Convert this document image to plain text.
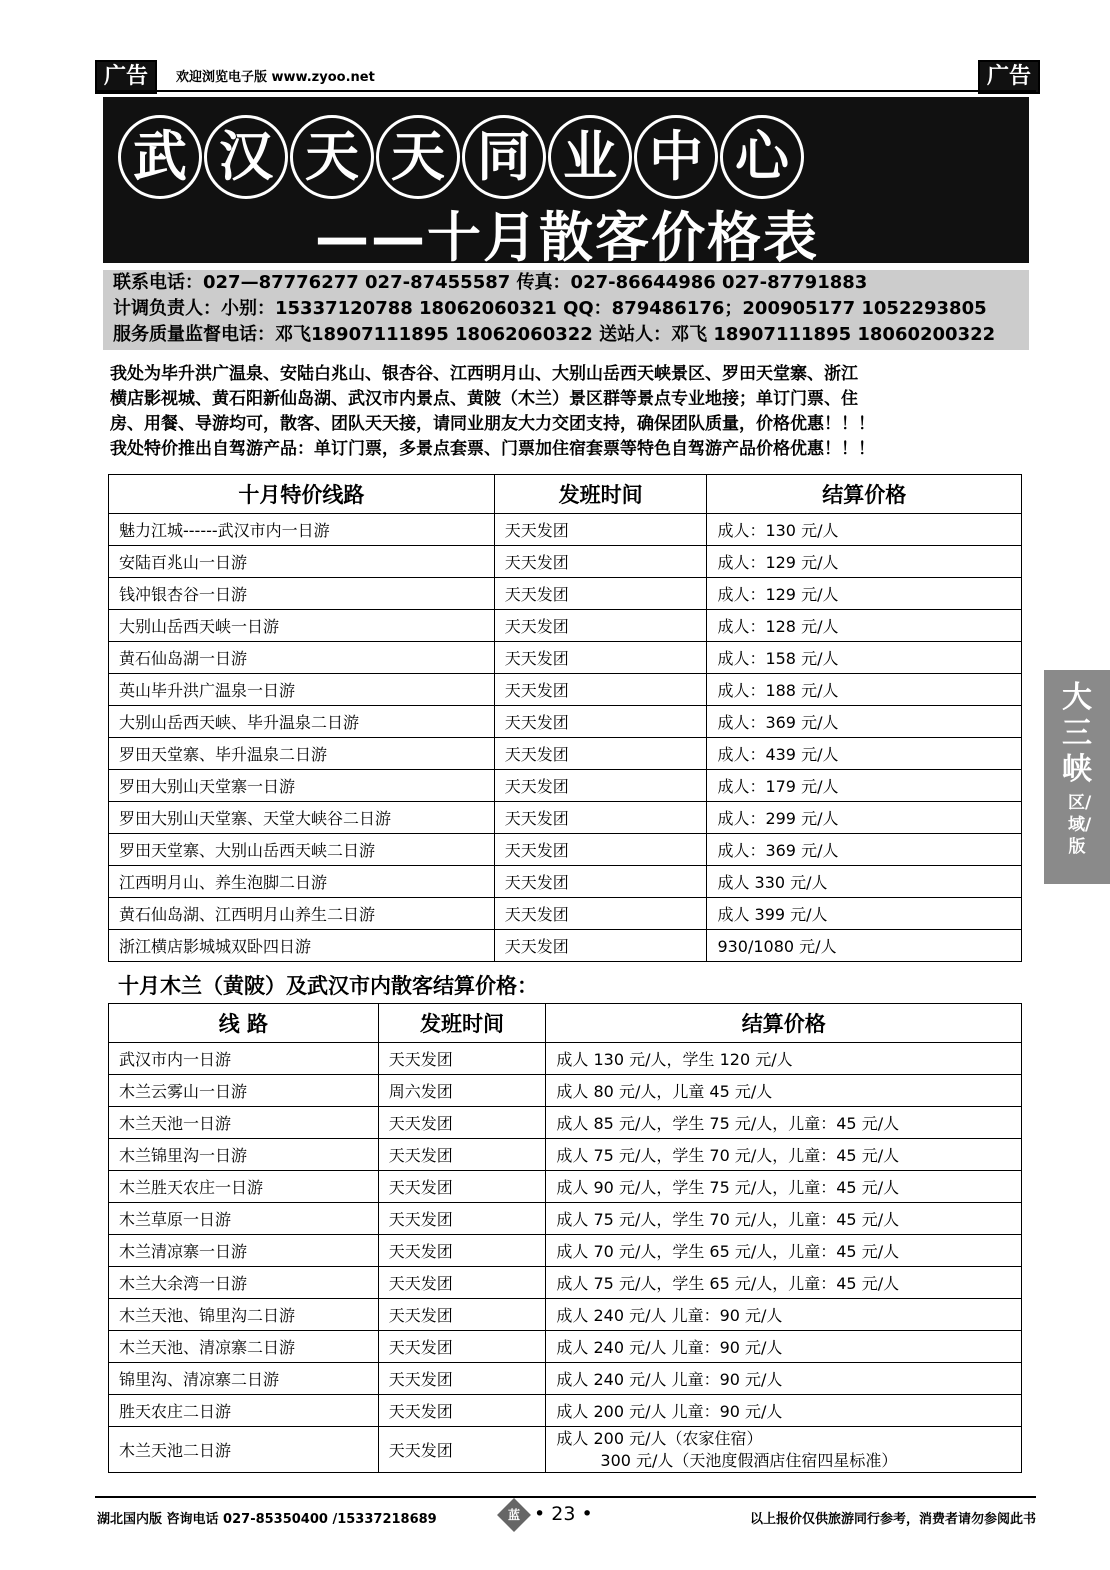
广告	欢迎浏览电子版 www.zyoo.net	广告
武 汉 天 天 同 业 中 心
——十月散客价格表
联系电话：027—87776277 027-87455587 传真：027-86644986 027-87791883
计调负责人：小别：15337120788 18062060321 QQ：879486176；200905177 1052293805
服务质量监督电话：邓飞18907111895 18062060322 送站人：邓飞 18907111895 18060200322
我处为毕升洪广温泉、安陆白兆山、银杏谷、江西明月山、大别山岳西天峡景区、罗田天堂寨、浙江
横店影视城、黄石阳新仙岛湖、武汉市内景点、黄陂（木兰）景区群等景点专业地接；单订门票、住
房、用餐、导游均可，散客、团队天天接，请同业朋友大力交团支持，确保团队质量，价格优惠！！！
我处特价推出自驾游产品：单订门票，多景点套票、门票加住宿套票等特色自驾游产品价格优惠！！！
十月特价线路	发班时间	结算价格
魅力江城------武汉市内一日游	天天发团	成人：130 元/人
安陆百兆山一日游	天天发团	成人：129 元/人
钱冲银杏谷一日游	天天发团	成人：129 元/人
大别山岳西天峡一日游	天天发团	成人：128 元/人
黄石仙岛湖一日游	天天发团	成人：158 元/人
英山毕升洪广温泉一日游	天天发团	成人：188 元/人
大别山岳西天峡、毕升温泉二日游	天天发团	成人：369 元/人
罗田天堂寨、毕升温泉二日游	天天发团	成人：439 元/人
罗田大别山天堂寨一日游	天天发团	成人：179 元/人
罗田大别山天堂寨、天堂大峡谷二日游	天天发团	成人：299 元/人
罗田天堂寨、大别山岳西天峡二日游	天天发团	成人：369 元/人
江西明月山、养生泡脚二日游	天天发团	成人 330 元/人
黄石仙岛湖、江西明月山养生二日游	天天发团	成人 399 元/人
浙江横店影城城双卧四日游	天天发团	930/1080 元/人
十月木兰（黄陂）及武汉市内散客结算价格：
线 路	发班时间	结算价格
武汉市内一日游	天天发团	成人 130 元/人，学生 120 元/人
木兰云雾山一日游	周六发团	成人 80 元/人，儿童 45 元/人
木兰天池一日游	天天发团	成人 85 元/人，学生 75 元/人，儿童：45 元/人
木兰锦里沟一日游	天天发团	成人 75 元/人，学生 70 元/人，儿童：45 元/人
木兰胜天农庄一日游	天天发团	成人 90 元/人，学生 75 元/人，儿童：45 元/人
木兰草原一日游	天天发团	成人 75 元/人，学生 70 元/人，儿童：45 元/人
木兰清凉寨一日游	天天发团	成人 70 元/人，学生 65 元/人，儿童：45 元/人
木兰大余湾一日游	天天发团	成人 75 元/人，学生 65 元/人，儿童：45 元/人
木兰天池、锦里沟二日游	天天发团	成人 240 元/人 儿童：90 元/人
木兰天池、清凉寨二日游	天天发团	成人 240 元/人 儿童：90 元/人
锦里沟、清凉寨二日游	天天发团	成人 240 元/人 儿童：90 元/人
胜天农庄二日游	天天发团	成人 200 元/人 儿童：90 元/人
木兰天池二日游	天天发团	成人 200 元/人（农家住宿）
300 元/人（天池度假酒店住宿四星标准）
大三峡
区/域/版
湖北国内版 咨询电话 027-85350400 /15337218689	蓝 • 23 •	以上报价仅供旅游同行参考，消费者请勿参阅此书
